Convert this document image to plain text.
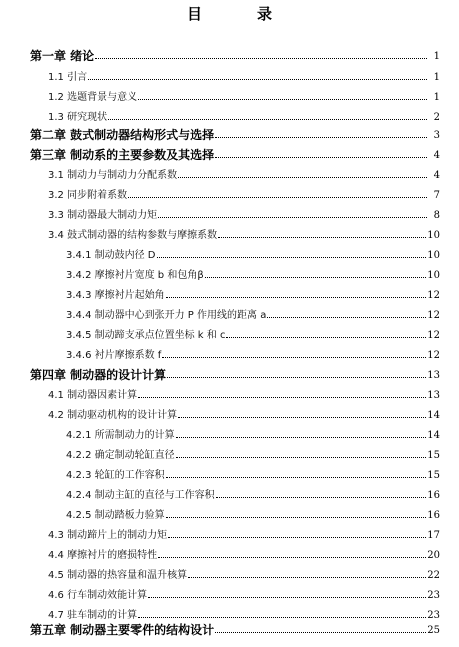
目　录
第一章 绪论	1
1.1 引言	1
1.2 选题背景与意义	1
1.3 研究现状	2
第二章 鼓式制动器结构形式与选择	3
第三章 制动系的主要参数及其选择	4
3.1 制动力与制动力分配系数	4
3.2 同步附着系数	7
3.3 制动器最大制动力矩	8
3.4 鼓式制动器的结构参数与摩擦系数	10
3.4.1 制动鼓内径 D	10
3.4.2 摩擦衬片宽度 b 和包角β	10
3.4.3 摩擦衬片起始角	12
3.4.4 制动器中心到张开力 P 作用线的距离 a	12
3.4.5 制动蹄支承点位置坐标 k 和 c	12
3.4.6 衬片摩擦系数 f	12
第四章 制动器的设计计算	13
4.1 制动器因素计算	13
4.2 制动驱动机构的设计计算	14
4.2.1 所需制动力的计算	14
4.2.2 确定制动轮缸直径	15
4.2.3 轮缸的工作容积	15
4.2.4 制动主缸的直径与工作容积	16
4.2.5 制动踏板力验算	16
4.3 制动蹄片上的制动力矩	17
4.4 摩擦衬片的磨损特性	20
4.5 制动器的热容量和温升核算	22
4.6 行车制动效能计算	23
4.7 驻车制动的计算	23
第五章 制动器主要零件的结构设计	25
